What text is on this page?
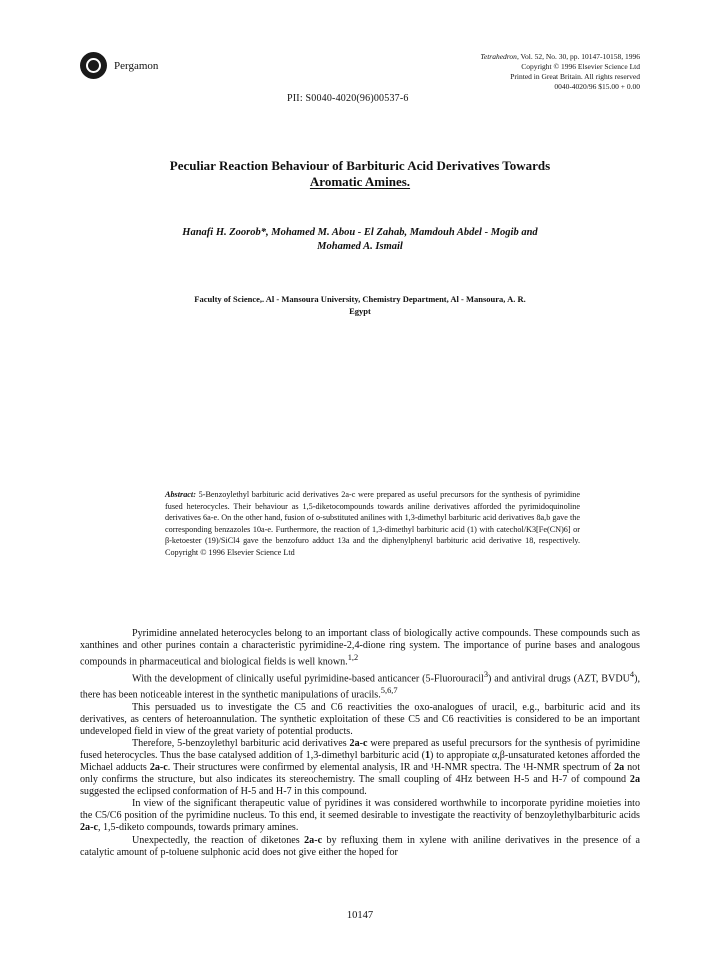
Pergamon
Tetrahedron, Vol. 52, No. 30, pp. 10147-10158, 1996
Copyright © 1996 Elsevier Science Ltd
Printed in Great Britain. All rights reserved
0040-4020/96 $15.00 + 0.00
PII: S0040-4020(96)00537-6
Peculiar Reaction Behaviour of Barbituric Acid Derivatives Towards
Aromatic Amines.
Hanafi H. Zoorob*, Mohamed M. Abou - El Zahab, Mamdouh Abdel - Mogib and
Mohamed A. Ismail
Faculty of Science,. Al - Mansoura University, Chemistry Department, Al - Mansoura, A. R.
Egypt
Abstract: 5-Benzoylethyl barbituric acid derivatives 2a-c were prepared as useful precursors for the synthesis of pyrimidine fused heterocycles. Their behaviour as 1,5-diketocompounds towards aniline derivatives afforded the pyrimidoquinoline derivatives 6a-e. On the other hand, fusion of o-substituted anilines with 1,3-dimethyl barbituric acid derivatives 8a,b gave the corresponding benzazoles 10a-e. Furthermore, the reaction of 1,3-dimethyl barbituric acid (1) with catechol/K3[Fe(CN)6] or β-ketoester (19)/SiCl4 gave the benzofuro adduct 13a and the diphenylphenyl barbituric acid derivative 18, respectively. Copyright © 1996 Elsevier Science Ltd

Pyrimidine annelated heterocycles belong to an important class of biologically active compounds. These compounds such as xanthines and other purines contain a characteristic pyrimidine-2,4-dione ring system. The importance of purine bases and analogous compounds in pharmaceutical and biological fields is well known.$^{1,2}$

With the development of clinically useful pyrimidine-based anticancer (5-Fluorouracil$^3$) and antiviral drugs (AZT, BVDU$^4$), there has been noticeable interest in the synthetic manipulations of uracils.$^{5,6,7}$

This persuaded us to investigate the C5 and C6 reactivities the oxo-analogues of uracil, e.g., barbituric acid and its derivatives, as centers of heteroannulation. The synthetic exploitation of these C5 and C6 reactivities is considered to be an important undeveloped field in view of the great variety of potential products.

Therefore, 5-benzoylethyl barbituric acid derivatives 2a-c were prepared as useful precursors for the synthesis of pyrimidine fused heterocycles. Thus the base catalysed addition of 1,3-dimethyl barbituric acid (1) to appropiate α,β-unsaturated ketones afforded the Michael adducts 2a-c. Their structures were confirmed by elemental analysis, IR and ¹H-NMR spectra. The ¹H-NMR spectrum of 2a not only confirms the structure, but also indicates its stereochemistry. The small coupling of 4Hz between H-5 and H-7 of compound 2a suggested the eclipsed conformation of H-5 and H-7 in this compound.

In view of the significant therapeutic value of pyridines it was considered worthwhile to incorporate pyridine moieties into the C5/C6 position of the pyrimidine nucleus. To this end, it seemed desirable to investigate the reactivity of benzoylethylbarbituric acids 2a-c, 1,5-diketo compounds, towards primary amines.

Unexpectedly, the reaction of diketones 2a-c by refluxing them in xylene with aniline derivatives in the presence of a catalytic amount of p-toluene sulphonic acid does not give either the hoped for

10147
